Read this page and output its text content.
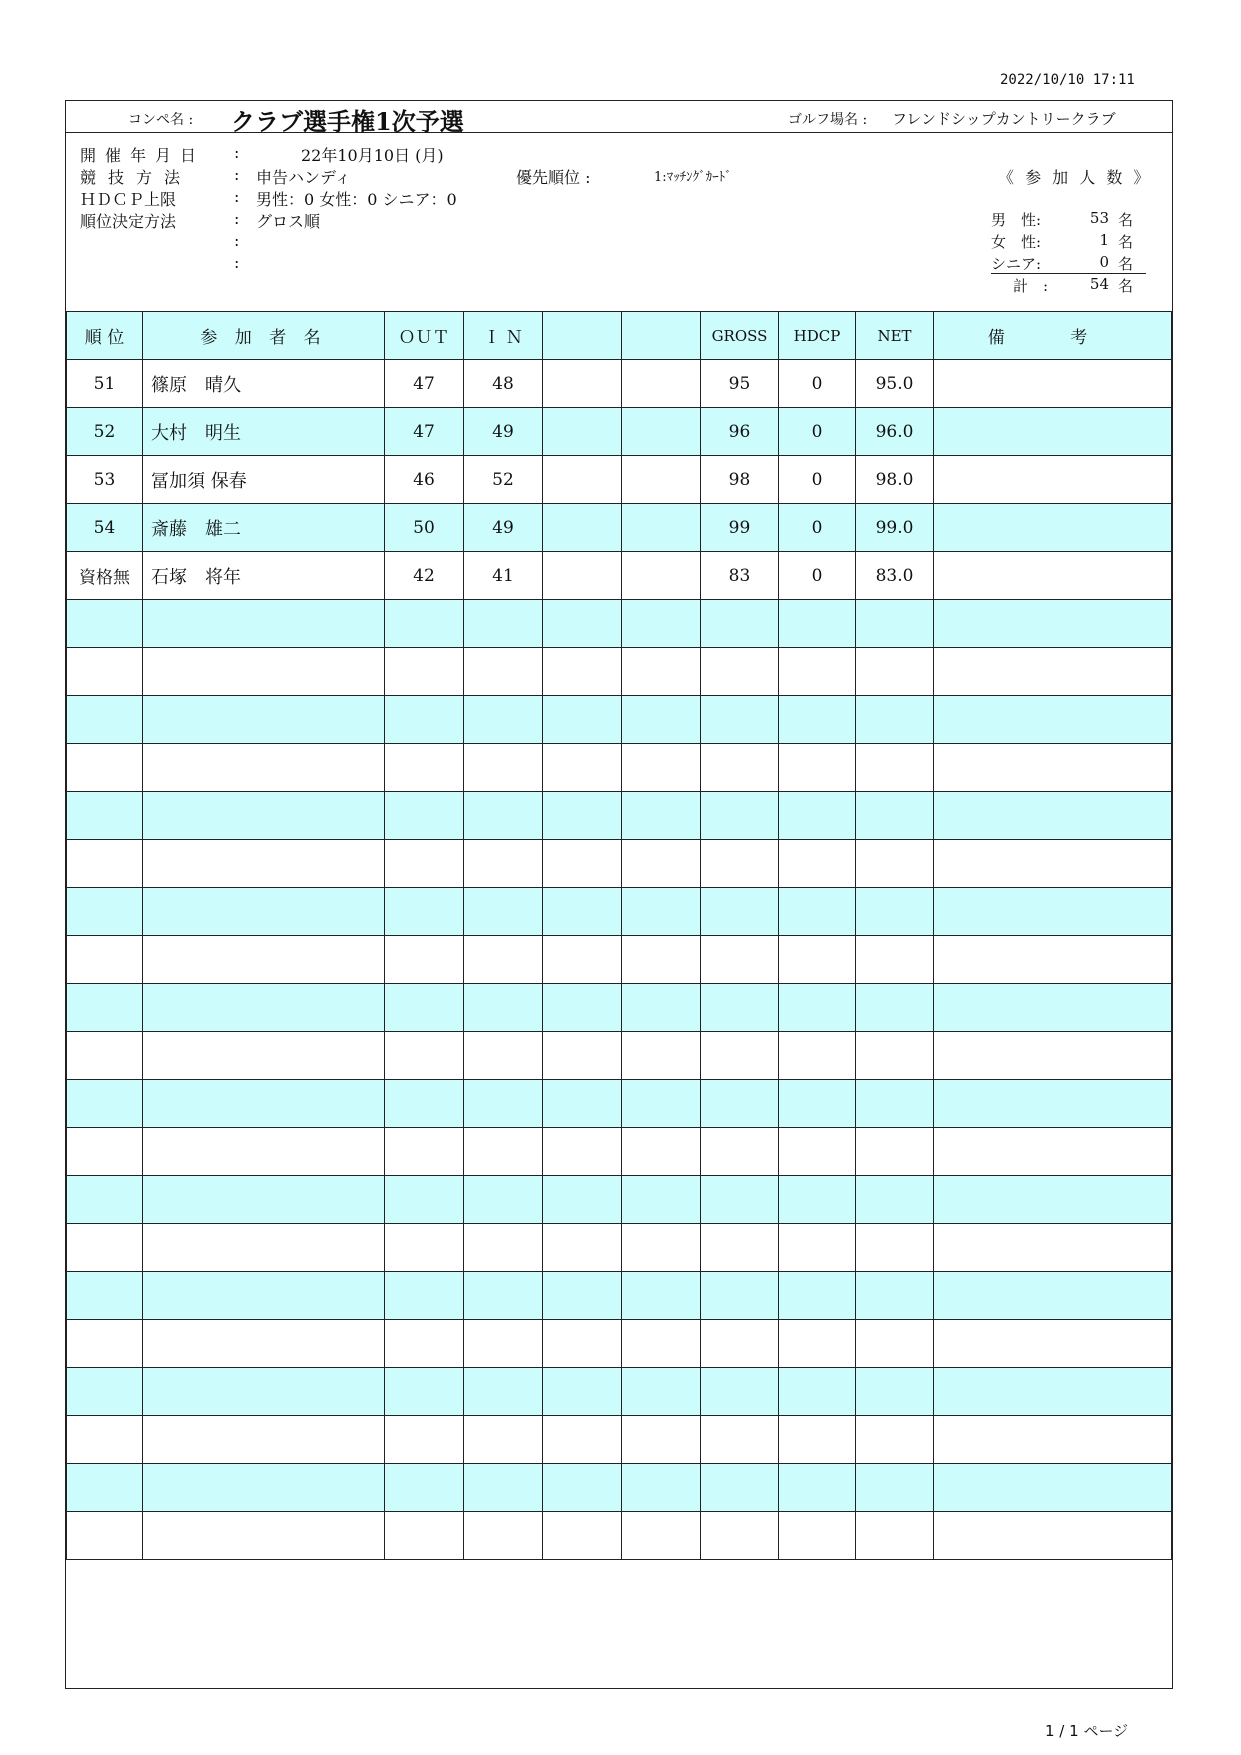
2022/10/10 17:11
コンペ名 : クラブ選手権1次予選	ゴルフ場名 : フレンドシップカントリークラブ
開催年月日	:	22年10月10日 (月)
競技方法	: 申告ハンディ
ＨＤＣＰ上限	: 男性：0 女性：0 シニア：0
順位決定方法	: グロス順
:
:
優先順位 :	1:ﾏｯﾁﾝｸﾞｶｰﾄﾞ	《 参 加 人 数 》
男　性:	53 名
女　性:	1 名
シニア:	0 名
計　:	54 名
順 位	参 加 者 名	ＯＵＴ	Ｉ Ｎ			GROSS	HDCP	NET	備 考
51	篠原　晴久	47	48			95	0	95.0	
52	大村　明生	47	49			96	0	96.0	
53	冨加須 保春	46	52			98	0	98.0	
54	斎藤　雄二	50	49			99	0	99.0	
資格無	石塚　将年	42	41			83	0	83.0	

1 / 1 ページ
